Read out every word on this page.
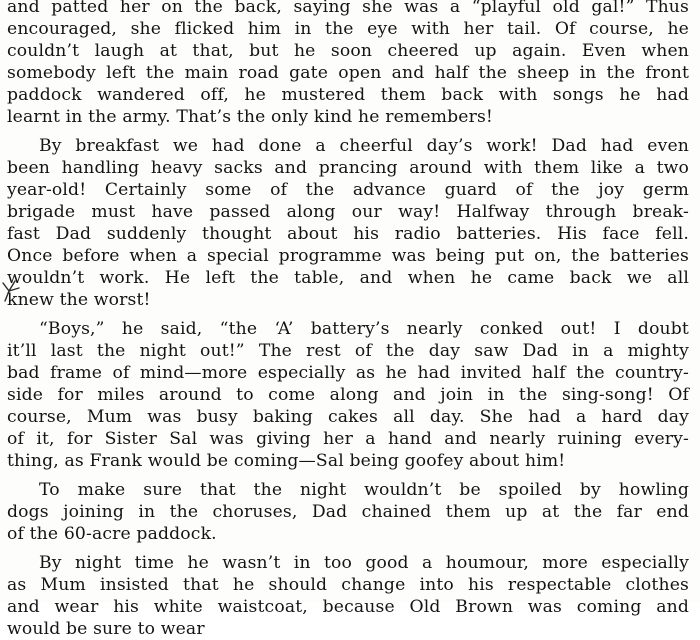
and patted her on the back, saying she was a “playful old gal!” Thus
encouraged, she flicked him in the eye with her tail. Of course, he
couldn’t laugh at that, but he soon cheered up again. Even when
somebody left the main road gate open and half the sheep in the front
paddock wandered off, he mustered them back with songs he had
learnt in the army. That’s the only kind he remembers!
By breakfast we had done a cheerful day’s work! Dad had even
been handling heavy sacks and prancing around with them like a two
year-old! Certainly some of the advance guard of the joy germ
brigade must have passed along our way! Halfway through break-
fast Dad suddenly thought about his radio batteries. His face fell.
Once before when a special programme was being put on, the batteries
wouldn’t work. He left the table, and when he came back we all
knew the worst!
“Boys,” he said, “the ‘A’ battery’s nearly conked out! I doubt
it’ll last the night out!” The rest of the day saw Dad in a mighty
bad frame of mind—more especially as he had invited half the country-
side for miles around to come along and join in the sing-song! Of
course, Mum was busy baking cakes all day. She had a hard day
of it, for Sister Sal was giving her a hand and nearly ruining every-
thing, as Frank would be coming—Sal being goofey about him!
To make sure that the night wouldn’t be spoiled by howling
dogs joining in the choruses, Dad chained them up at the far end
of the 60-acre paddock.
By night time he wasn’t in too good a houmour, more especially
as Mum insisted that he should change into his respectable clothes
and wear his white waistcoat, because Old Brown was coming and
would be sure to wear
